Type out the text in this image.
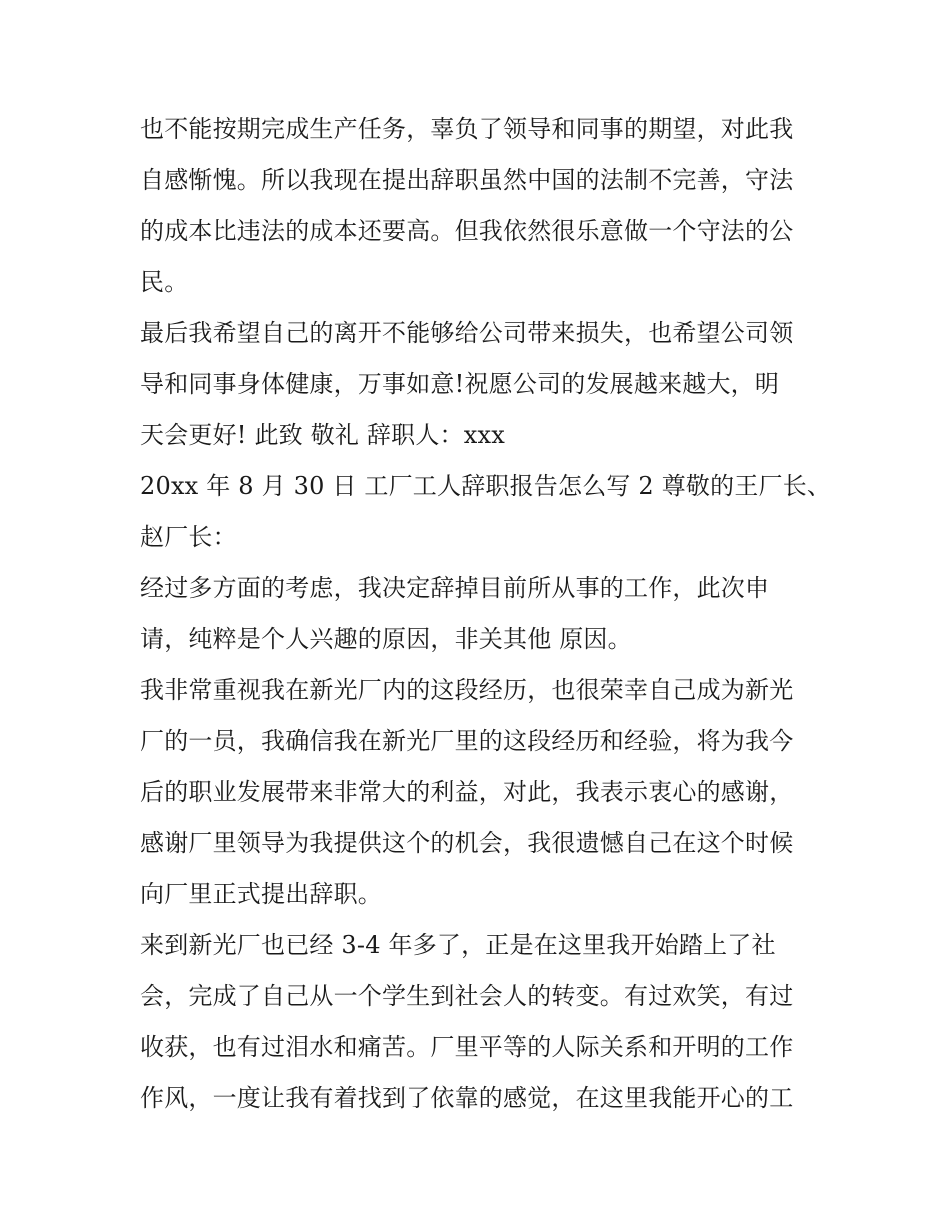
也不能按期完成生产任务，辜负了领导和同事的期望，对此我
自感惭愧。所以我现在提出辞职虽然中国的法制不完善，守法
的成本比违法的成本还要高。但我依然很乐意做一个守法的公
民。
最后我希望自己的离开不能够给公司带来损失，也希望公司领
导和同事身体健康，万事如意!祝愿公司的发展越来越大，明
天会更好! 此致 敬礼 辞职人：xxx
20xx 年 8 月 30 日 工厂工人辞职报告怎么写 2 尊敬的王厂长、
赵厂长：
经过多方面的考虑，我决定辞掉目前所从事的工作，此次申
请，纯粹是个人兴趣的原因，非关其他 原因。
我非常重视我在新光厂内的这段经历，也很荣幸自己成为新光
厂的一员，我确信我在新光厂里的这段经历和经验，将为我今
后的职业发展带来非常大的利益，对此，我表示衷心的感谢，
感谢厂里领导为我提供这个的机会，我很遗憾自己在这个时候
向厂里正式提出辞职。
来到新光厂也已经 3-4 年多了，正是在这里我开始踏上了社
会，完成了自己从一个学生到社会人的转变。有过欢笑，有过
收获，也有过泪水和痛苦。厂里平等的人际关系和开明的工作
作风，一度让我有着找到了依靠的感觉，在这里我能开心的工
